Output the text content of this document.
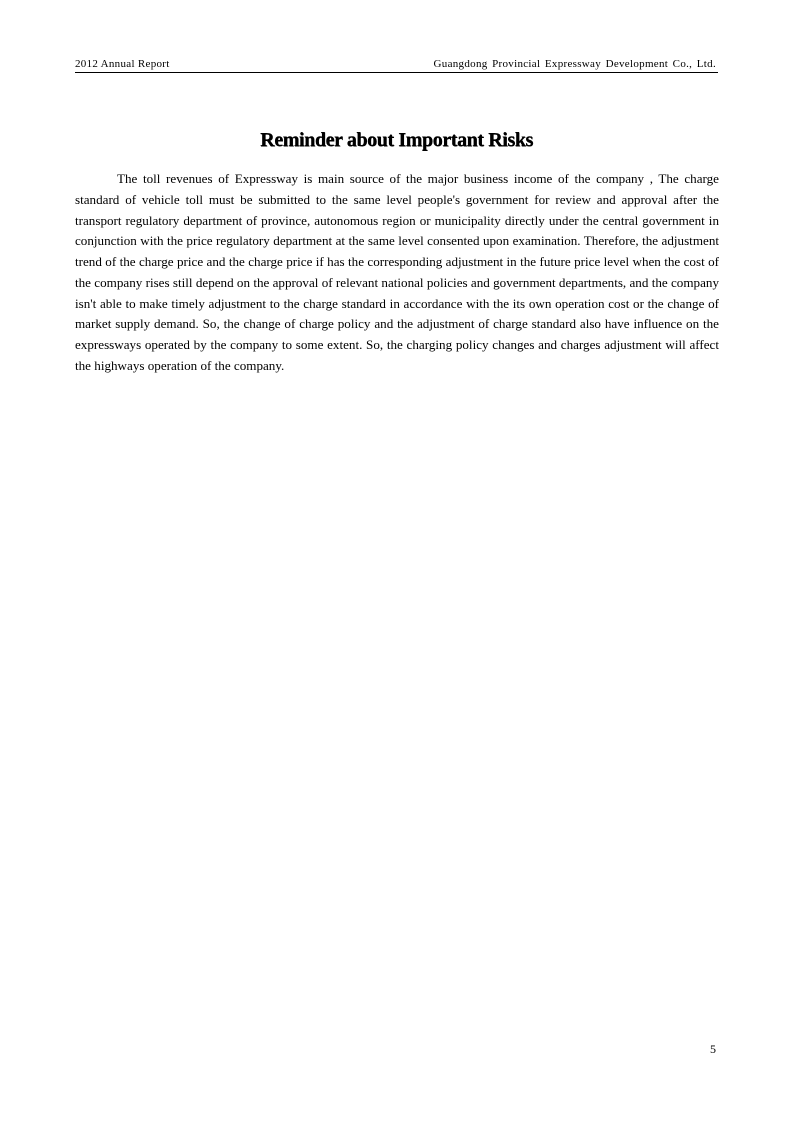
2012 Annual Report	Guangdong Provincial Expressway Development Co., Ltd.
Reminder about Important Risks

The toll revenues of Expressway is main source of the major business income of the company , The charge standard of vehicle toll must be submitted to the same level people's government for review and approval after the transport regulatory department of province, autonomous region or municipality directly under the central government in conjunction with the price regulatory department at the same level consented upon examination. Therefore, the adjustment trend of the charge price and the charge price if has the corresponding adjustment in the future price level when the cost of the company rises still depend on the approval of relevant national policies and government departments, and the company isn't able to make timely adjustment to the charge standard in accordance with the its own operation cost or the change of market supply demand. So, the change of charge policy and the adjustment of charge standard also have influence on the expressways operated by the company to some extent. So, the charging policy changes and charges adjustment will affect the highways operation of the company.

5
